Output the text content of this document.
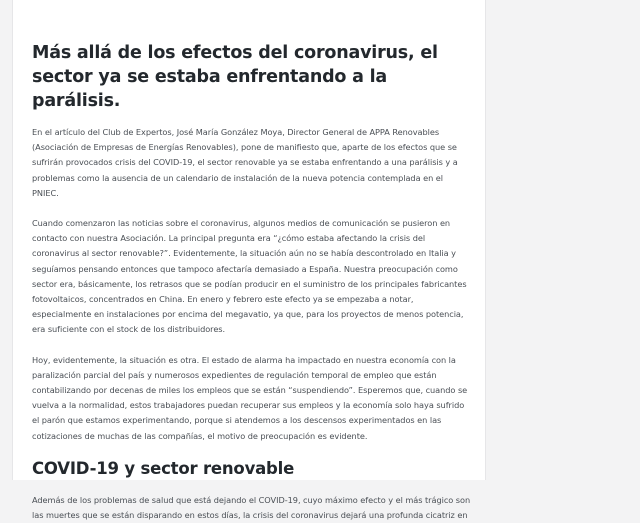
Más allá de los efectos del coronavirus, el sector ya se estaba enfrentando a la parálisis.

En el artículo del Club de Expertos, José María González Moya, Director General de APPA Renovables (Asociación de Empresas de Energías Renovables), pone de manifiesto que, aparte de los efectos que se sufrirán provocados crisis del COVID-19, el sector renovable ya se estaba enfrentando a una parálisis y a problemas como la ausencia de un calendario de instalación de la nueva potencia contemplada en el PNIEC.

Cuando comenzaron las noticias sobre el coronavirus, algunos medios de comunicación se pusieron en contacto con nuestra Asociación. La principal pregunta era “¿cómo estaba afectando la crisis del coronavirus al sector renovable?”. Evidentemente, la situación aún no se había descontrolado en Italia y seguíamos pensando entonces que tampoco afectaría demasiado a España. Nuestra preocupación como sector era, básicamente, los retrasos que se podían producir en el suministro de los principales fabricantes fotovoltaicos, concentrados en China. En enero y febrero este efecto ya se empezaba a notar, especialmente en instalaciones por encima del megavatio, ya que, para los proyectos de menos potencia, era suficiente con el stock de los distribuidores.

Hoy, evidentemente, la situación es otra. El estado de alarma ha impactado en nuestra economía con la paralización parcial del país y numerosos expedientes de regulación temporal de empleo que están contabilizando por decenas de miles los empleos que se están “suspendiendo”. Esperemos que, cuando se vuelva a la normalidad, estos trabajadores puedan recuperar sus empleos y la economía solo haya sufrido el parón que estamos experimentando, porque si atendemos a los descensos experimentados en las cotizaciones de muchas de las compañías, el motivo de preocupación es evidente.

COVID-19 y sector renovable

Además de los problemas de salud que está dejando el COVID-19, cuyo máximo efecto y el más trágico son las muertes que se están disparando en estos días, la crisis del coronavirus dejará una profunda cicatriz en
